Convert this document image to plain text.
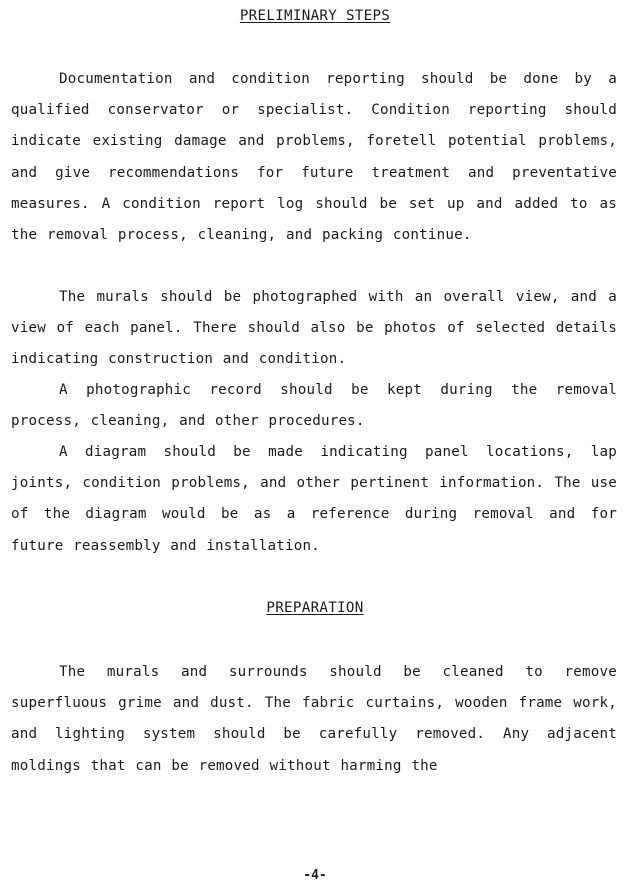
PRELIMINARY STEPS

Documentation and condition reporting should be done by a qualified conservator or specialist. Condition reporting should indicate existing damage and problems, foretell potential problems, and give recommendations for future treatment and preventative measures. A condition report log should be set up and added to as the removal process, cleaning, and packing continue.

The murals should be photographed with an overall view, and a view of each panel. There should also be photos of selected details indicating construction and condition.

A photographic record should be kept during the removal process, cleaning, and other procedures.

A diagram should be made indicating panel locations, lap joints, condition problems, and other pertinent information. The use of the diagram would be as a reference during removal and for future reassembly and installation.

PREPARATION

The murals and surrounds should be cleaned to remove superfluous grime and dust. The fabric curtains, wooden frame work, and lighting system should be carefully removed. Any adjacent moldings that can be removed without harming the

-4-
